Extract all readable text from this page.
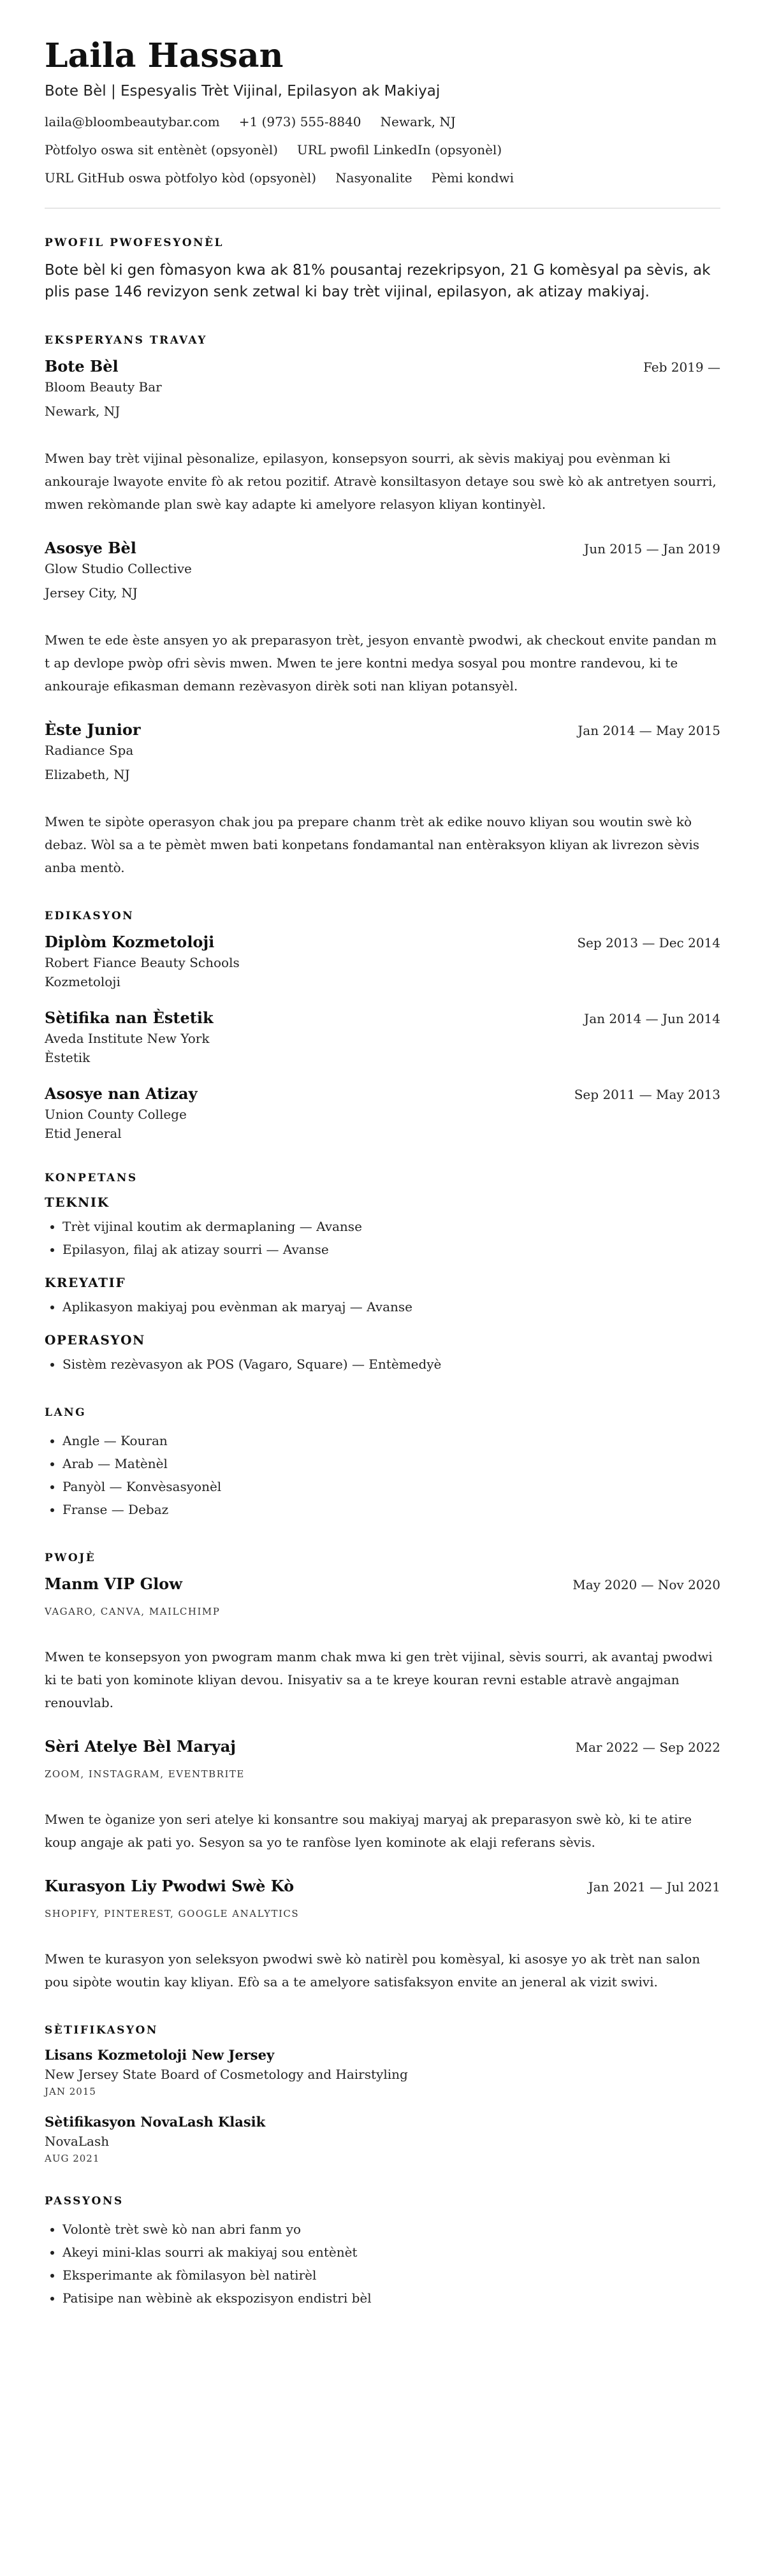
Laila Hassan
Bote Bèl | Espesyalis Trèt Vijinal, Epilasyon ak Makiyaj
laila@bloombeautybar.com +1 (973) 555-8840 Newark, NJ
Pòtfolyo oswa sit entènèt (opsyonèl) URL pwofil LinkedIn (opsyonèl)
URL GitHub oswa pòtfolyo kòd (opsyonèl) Nasyonalite Pèmi kondwi
PWOFIL PWOFESYONÈL

Bote bèl ki gen fòmasyon kwa ak 81% pousantaj rezekripsyon, 21 G komèsyal pa sèvis, ak plis pase 146 revizyon senk zetwal ki bay trèt vijinal, epilasyon, ak atizay makiyaj.

EKSPERYANS TRAVAY
Bote Bèl	Feb 2019 —
Bloom Beauty Bar
Newark, NJ

Mwen bay trèt vijinal pèsonalize, epilasyon, konsepsyon sourri, ak sèvis makiyaj pou evènman ki ankouraje lwayote envite fò ak retou pozitif. Atravè konsiltasyon detaye sou swè kò ak antretyen sourri, mwen rekòmande plan swè kay adapte ki amelyore relasyon kliyan kontinyèl.

Asosye Bèl	Jun 2015 — Jan 2019
Glow Studio Collective
Jersey City, NJ

Mwen te ede èste ansyen yo ak preparasyon trèt, jesyon envantè pwodwi, ak checkout envite pandan m t ap devlope pwòp ofri sèvis mwen. Mwen te jere kontni medya sosyal pou montre randevou, ki te ankouraje efikasman demann rezèvasyon dirèk soti nan kliyan potansyèl.

Èste Junior	Jan 2014 — May 2015
Radiance Spa
Elizabeth, NJ

Mwen te sipòte operasyon chak jou pa prepare chanm trèt ak edike nouvo kliyan sou woutin swè kò debaz. Wòl sa a te pèmèt mwen bati konpetans fondamantal nan entèraksyon kliyan ak livrezon sèvis anba mentò.

EDIKASYON
Diplòm Kozmetoloji	Sep 2013 — Dec 2014
Robert Fiance Beauty Schools
Kozmetoloji
Sètifika nan Èstetik	Jan 2014 — Jun 2014
Aveda Institute New York
Èstetik
Asosye nan Atizay	Sep 2011 — May 2013
Union County College
Etid Jeneral
KONPETANS
TEKNIK
• Trèt vijinal koutim ak dermaplaning — Avanse
• Epilasyon, filaj ak atizay sourri — Avanse
KREYATIF
• Aplikasyon makiyaj pou evènman ak maryaj — Avanse
OPERASYON
• Sistèm rezèvasyon ak POS (Vagaro, Square) — Entèmedyè
LANG
• Angle — Kouran
• Arab — Matènèl
• Panyòl — Konvèsasyonèl
• Franse — Debaz
PWOJÈ
Manm VIP Glow	May 2020 — Nov 2020
VAGARO, CANVA, MAILCHIMP

Mwen te konsepsyon yon pwogram manm chak mwa ki gen trèt vijinal, sèvis sourri, ak avantaj pwodwi ki te bati yon kominote kliyan devou. Inisyativ sa a te kreye kouran revni estable atravè angajman renouvlab.

Sèri Atelye Bèl Maryaj	Mar 2022 — Sep 2022
ZOOM, INSTAGRAM, EVENTBRITE

Mwen te òganize yon seri atelye ki konsantre sou makiyaj maryaj ak preparasyon swè kò, ki te atire koup angaje ak pati yo. Sesyon sa yo te ranfòse lyen kominote ak elaji referans sèvis.

Kurasyon Liy Pwodwi Swè Kò	Jan 2021 — Jul 2021
SHOPIFY, PINTEREST, GOOGLE ANALYTICS

Mwen te kurasyon yon seleksyon pwodwi swè kò natirèl pou komèsyal, ki asosye yo ak trèt nan salon pou sipòte woutin kay kliyan. Efò sa a te amelyore satisfaksyon envite an jeneral ak vizit swivi.

SÈTIFIKASYON
Lisans Kozmetoloji New Jersey
New Jersey State Board of Cosmetology and Hairstyling
JAN 2015
Sètifikasyon NovaLash Klasik
NovaLash
AUG 2021
PASSYONS
• Volontè trèt swè kò nan abri fanm yo
• Akeyi mini-klas sourri ak makiyaj sou entènèt
• Eksperimante ak fòmilasyon bèl natirèl
• Patisipe nan wèbinè ak ekspozisyon endistri bèl
